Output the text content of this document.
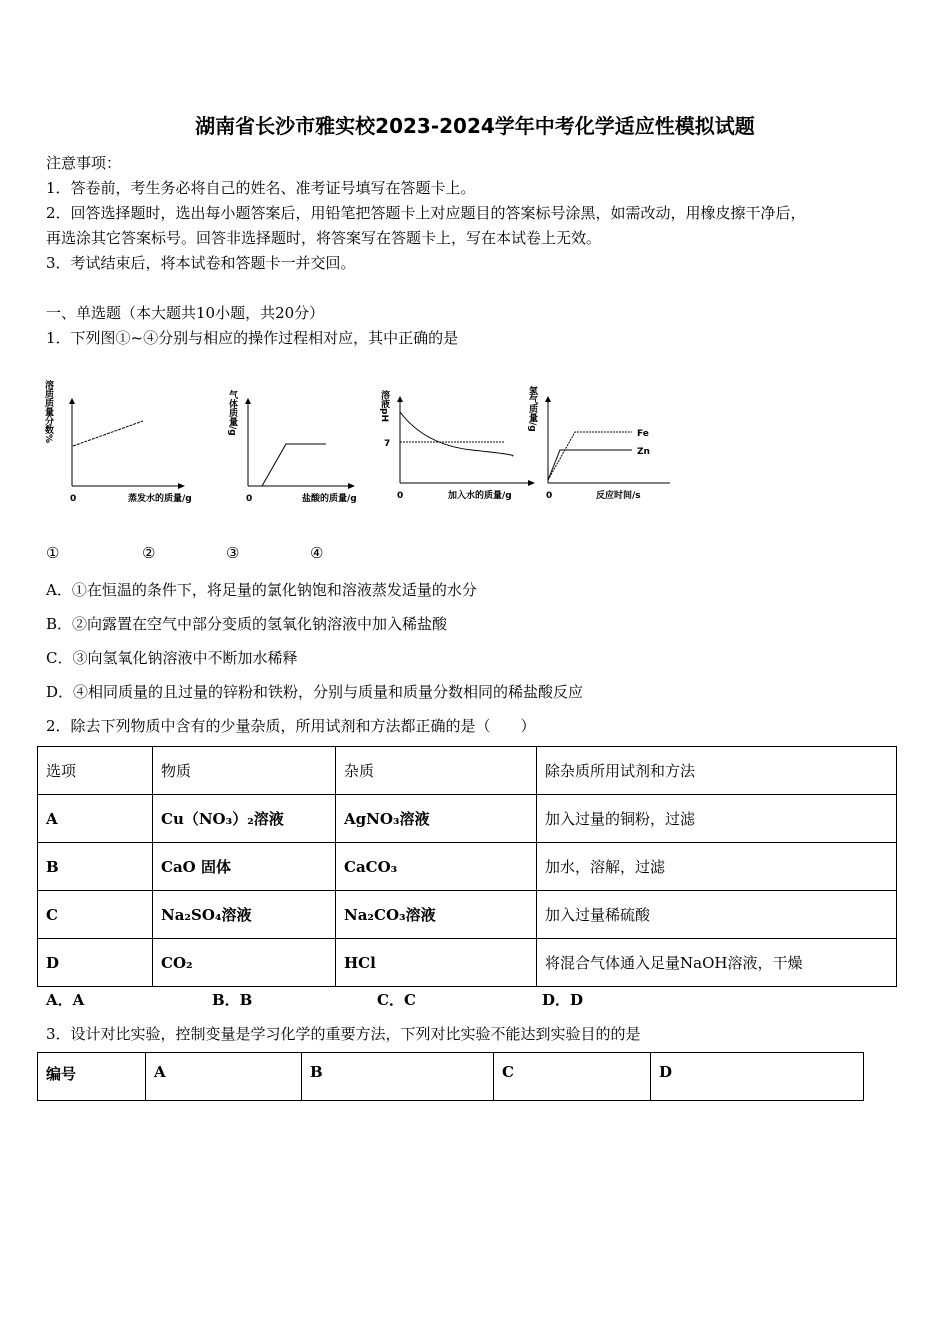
湖南省长沙市雅实校2023-2024学年中考化学适应性模拟试题
注意事项：
1．答卷前，考生务必将自己的姓名、准考证号填写在答题卡上。
2．回答选择题时，选出每小题答案后，用铅笔把答题卡上对应题目的答案标号涂黑，如需改动，用橡皮擦干净后，
再选涂其它答案标号。回答非选择题时，将答案写在答题卡上，写在本试卷上无效。
3．考试结束后，将本试卷和答题卡一并交回。
一、单选题（本大题共10小题，共20分）
1．下列图①~④分别与相应的操作过程相对应，其中正确的是
溶质质量分数%
0	蒸发水的质量/g
气体质量/g
0	盐酸的质量/g
溶液pH
7
0	加入水的质量/g
氢气质量/g
Fe
Zn
0	反应时间/s
①	②	③	④
A．①在恒温的条件下，将足量的氯化钠饱和溶液蒸发适量的水分
B．②向露置在空气中部分变质的氢氧化钠溶液中加入稀盐酸
C．③向氢氧化钠溶液中不断加水稀释
D．④相同质量的且过量的锌粉和铁粉，分别与质量和质量分数相同的稀盐酸反应
2．除去下列物质中含有的少量杂质，所用试剂和方法都正确的是（　　）
选项	物质	杂质	除杂质所用试剂和方法
A	Cu（NO₃）₂溶液	AgNO₃溶液	加入过量的铜粉，过滤
B	CaO 固体	CaCO₃	加水，溶解，过滤
C	Na₂SO₄溶液	Na₂CO₃溶液	加入过量稀硫酸
D	CO₂	HCl	将混合气体通入足量NaOH溶液，干燥
A．A	B．B	C．C	D．D
3．设计对比实验，控制变量是学习化学的重要方法，下列对比实验不能达到实验目的的是
编号	A	B	C	D
